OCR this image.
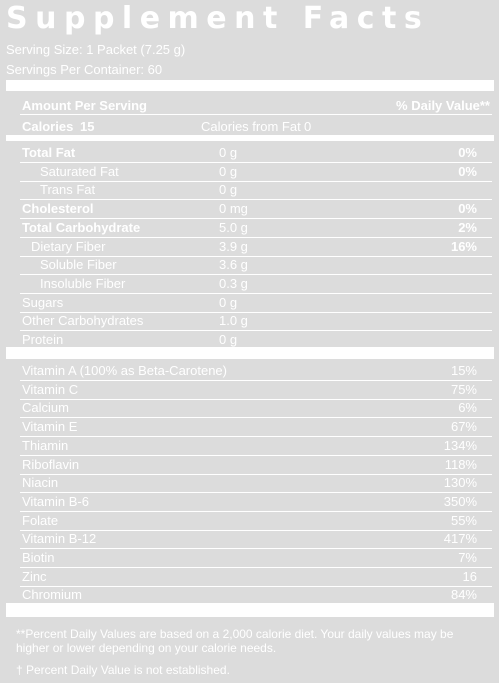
Supplement Facts
Serving Size: 1 Packet (7.25 g)
Servings Per Container: 60
Amount Per Serving	% Daily Value**
Calories 15	Calories from Fat 0
Total Fat	0 g	0%
Saturated Fat	0 g	0%
Trans Fat	0 g
Cholesterol	0 mg	0%
Total Carbohydrate	5.0 g	2%
Dietary Fiber	3.9 g	16%
Soluble Fiber	3.6 g
Insoluble Fiber	0.3 g
Sugars	0 g
Other Carbohydrates	1.0 g
Protein	0 g
Vitamin A (100% as Beta-Carotene)	15%
Vitamin C	75%
Calcium	6%
Vitamin E	67%
Thiamin	134%
Riboflavin	118%
Niacin	130%
Vitamin B-6	350%
Folate	55%
Vitamin B-12	417%
Biotin	7%
Zinc	16
Chromium	84%
**Percent Daily Values are based on a 2,000 calorie diet. Your daily values may be higher or lower depending on your calorie needs.
† Percent Daily Value is not established.
